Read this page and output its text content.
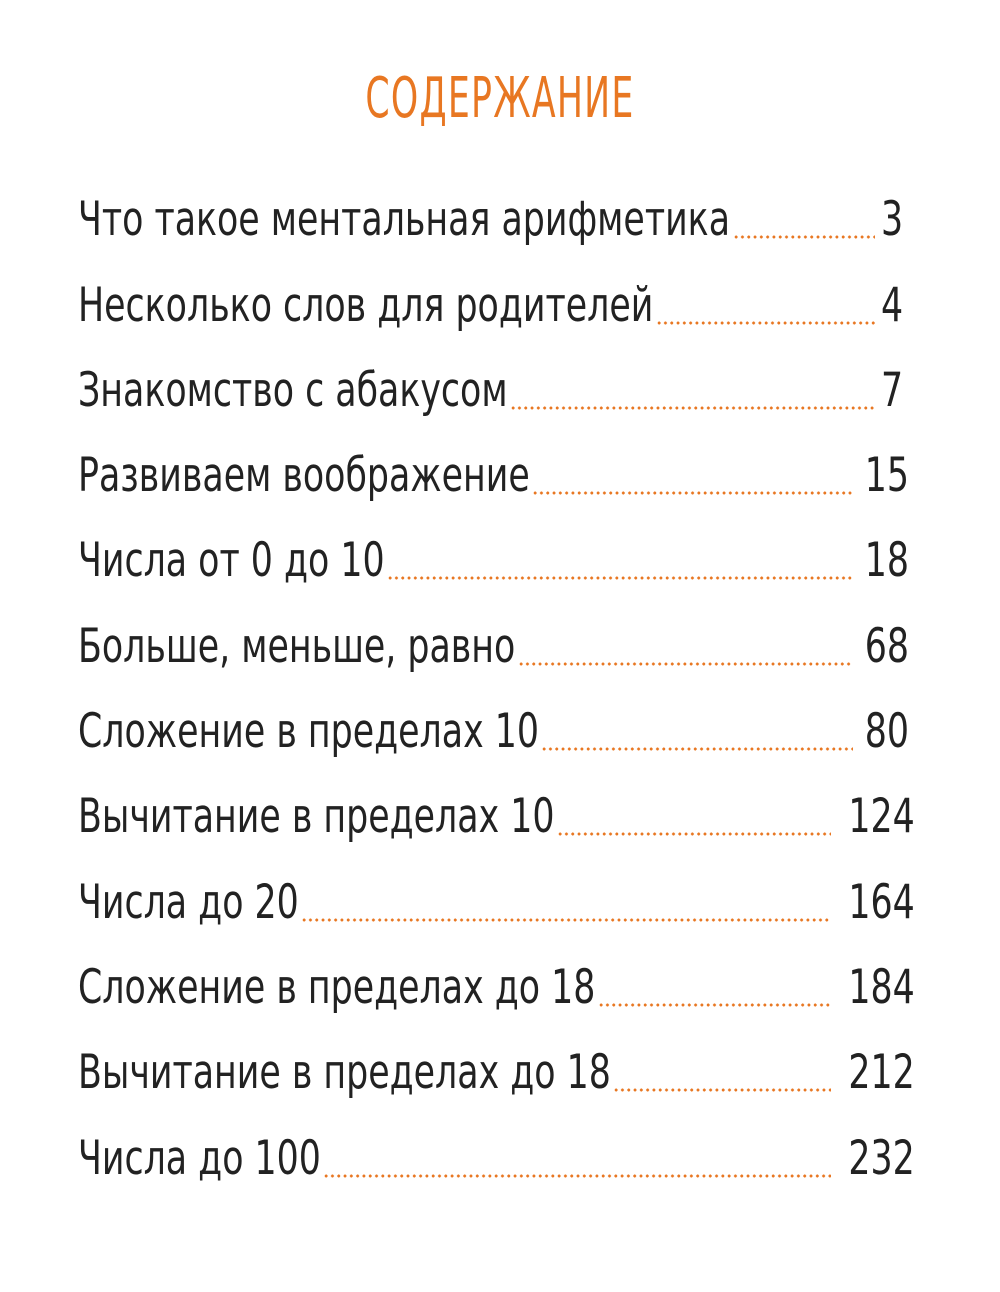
СОДЕРЖАНИЕ
Что такое ментальная арифметика	3
Несколько слов для родителей	4
Знакомство с абакусом	7
Развиваем воображение	15
Числа от 0 до 10	18
Больше, меньше, равно	68
Сложение в пределах 10	80
Вычитание в пределах 10	124
Числа до 20	164
Сложение в пределах до 18	184
Вычитание в пределах до 18	212
Числа до 100	232
